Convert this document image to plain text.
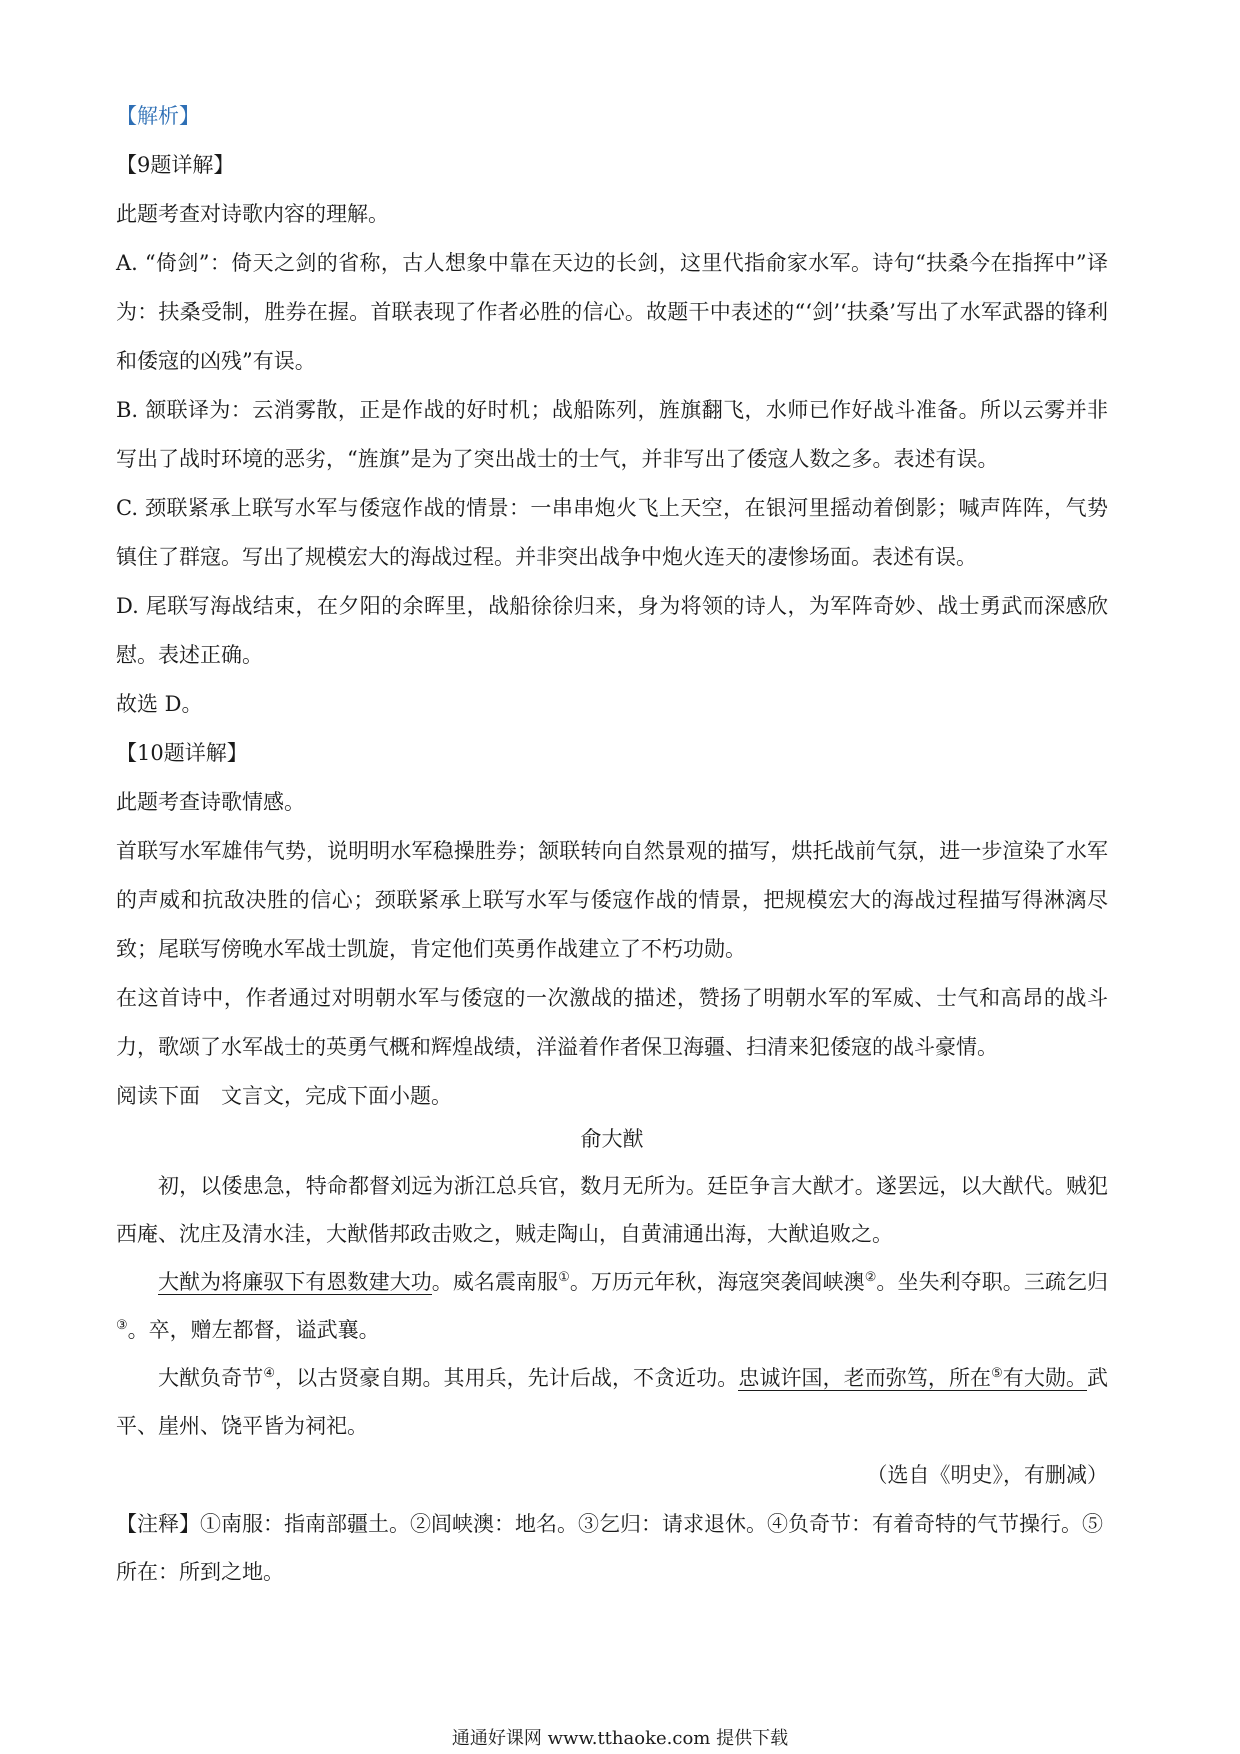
【解析】

【9题详解】

此题考查对诗歌内容的理解。

A. “倚剑”：倚天之剑的省称，古人想象中靠在天边的长剑，这里代指俞家水军。诗句“扶桑今在指挥中”译为：扶桑受制，胜券在握。首联表现了作者必胜的信心。故题干中表述的“‘剑’‘扶桑’写出了水军武器的锋利和倭寇的凶残”有误。

B. 颔联译为：云消雾散，正是作战的好时机；战船陈列，旌旗翻飞，水师已作好战斗准备。所以云雾并非写出了战时环境的恶劣，“旌旗”是为了突出战士的士气，并非写出了倭寇人数之多。表述有误。

C. 颈联紧承上联写水军与倭寇作战的情景：一串串炮火飞上天空，在银河里摇动着倒影；喊声阵阵，气势镇住了群寇。写出了规模宏大的海战过程。并非突出战争中炮火连天的凄惨场面。表述有误。

D. 尾联写海战结束，在夕阳的余晖里，战船徐徐归来，身为将领的诗人，为军阵奇妙、战士勇武而深感欣慰。表述正确。

故选 D。

【10题详解】

此题考查诗歌情感。

首联写水军雄伟气势，说明明水军稳操胜券；颔联转向自然景观的描写，烘托战前气氛，进一步渲染了水军的声威和抗敌决胜的信心；颈联紧承上联写水军与倭寇作战的情景，把规模宏大的海战过程描写得淋漓尽致；尾联写傍晚水军战士凯旋，肯定他们英勇作战建立了不朽功勋。

在这首诗中，作者通过对明朝水军与倭寇的一次激战的描述，赞扬了明朝水军的军威、士气和高昂的战斗力，歌颂了水军战士的英勇气概和辉煌战绩，洋溢着作者保卫海疆、扫清来犯倭寇的战斗豪情。

阅读下面　文言文，完成下面小题。

俞大猷

初，以倭患急，特命都督刘远为浙江总兵官，数月无所为。廷臣争言大猷才。遂罢远，以大猷代。贼犯西庵、沈庄及清水洼，大猷偕邦政击败之，贼走陶山，自黄浦通出海，大猷追败之。

大猷为将廉驭下有恩数建大功。威名震南服①。万历元年秋，海寇突袭闾峡澳②。坐失利夺职。三疏乞归③。卒，赠左都督，谥武襄。

大猷负奇节④，以古贤豪自期。其用兵，先计后战，不贪近功。忠诚许国，老而弥笃，所在⑤有大勋。武平、崖州、饶平皆为祠祀。

（选自《明史》，有删减）

【注释】①南服：指南部疆土。②闾峡澳：地名。③乞归：请求退休。④负奇节：有着奇特的气节操行。⑤所在：所到之地。

通通好课网 www.tthaoke.com 提供下载
